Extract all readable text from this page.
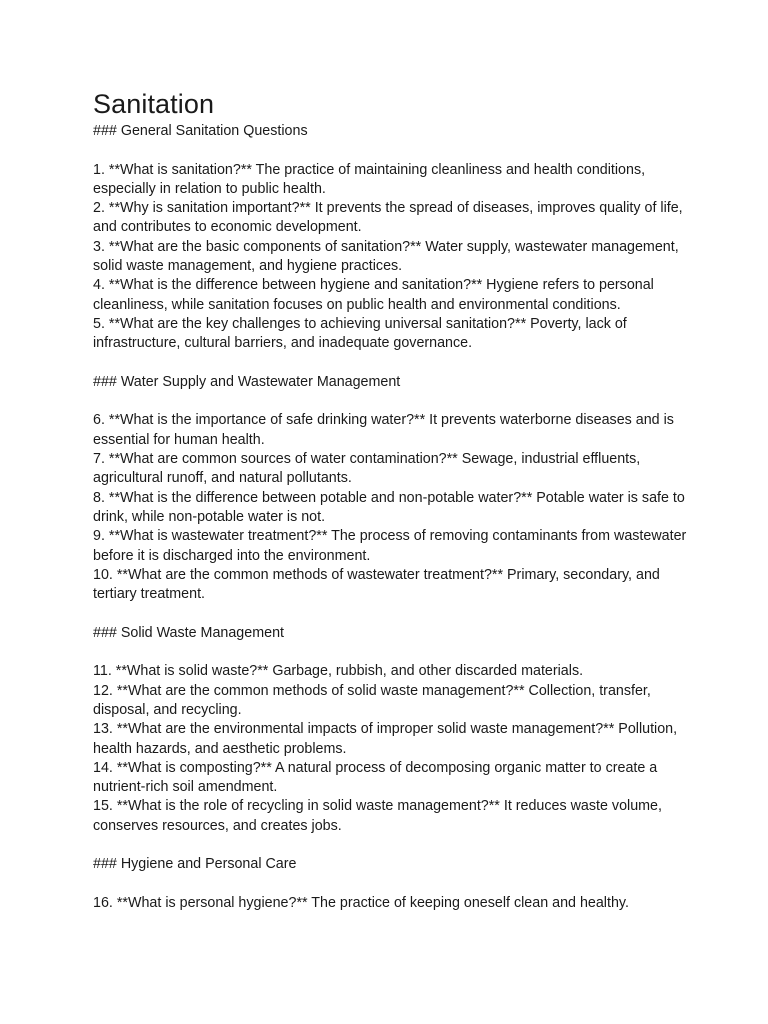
Sanitation

### General Sanitation Questions

1. **What is sanitation?** The practice of maintaining cleanliness and health conditions, especially in relation to public health.

2. **Why is sanitation important?** It prevents the spread of diseases, improves quality of life, and contributes to economic development.

3. **What are the basic components of sanitation?** Water supply, wastewater management, solid waste management, and hygiene practices.

4. **What is the difference between hygiene and sanitation?** Hygiene refers to personal cleanliness, while sanitation focuses on public health and environmental conditions.

5. **What are the key challenges to achieving universal sanitation?** Poverty, lack of infrastructure, cultural barriers, and inadequate governance.

### Water Supply and Wastewater Management

6. **What is the importance of safe drinking water?** It prevents waterborne diseases and is essential for human health.

7. **What are common sources of water contamination?** Sewage, industrial effluents, agricultural runoff, and natural pollutants.

8. **What is the difference between potable and non-potable water?** Potable water is safe to drink, while non-potable water is not.

9. **What is wastewater treatment?** The process of removing contaminants from wastewater before it is discharged into the environment.

10. **What are the common methods of wastewater treatment?** Primary, secondary, and tertiary treatment.

### Solid Waste Management

11. **What is solid waste?** Garbage, rubbish, and other discarded materials.

12. **What are the common methods of solid waste management?** Collection, transfer, disposal, and recycling.

13. **What are the environmental impacts of improper solid waste management?** Pollution, health hazards, and aesthetic problems.

14. **What is composting?** A natural process of decomposing organic matter to create a nutrient-rich soil amendment.

15. **What is the role of recycling in solid waste management?** It reduces waste volume, conserves resources, and creates jobs.

### Hygiene and Personal Care

16. **What is personal hygiene?** The practice of keeping oneself clean and healthy.
